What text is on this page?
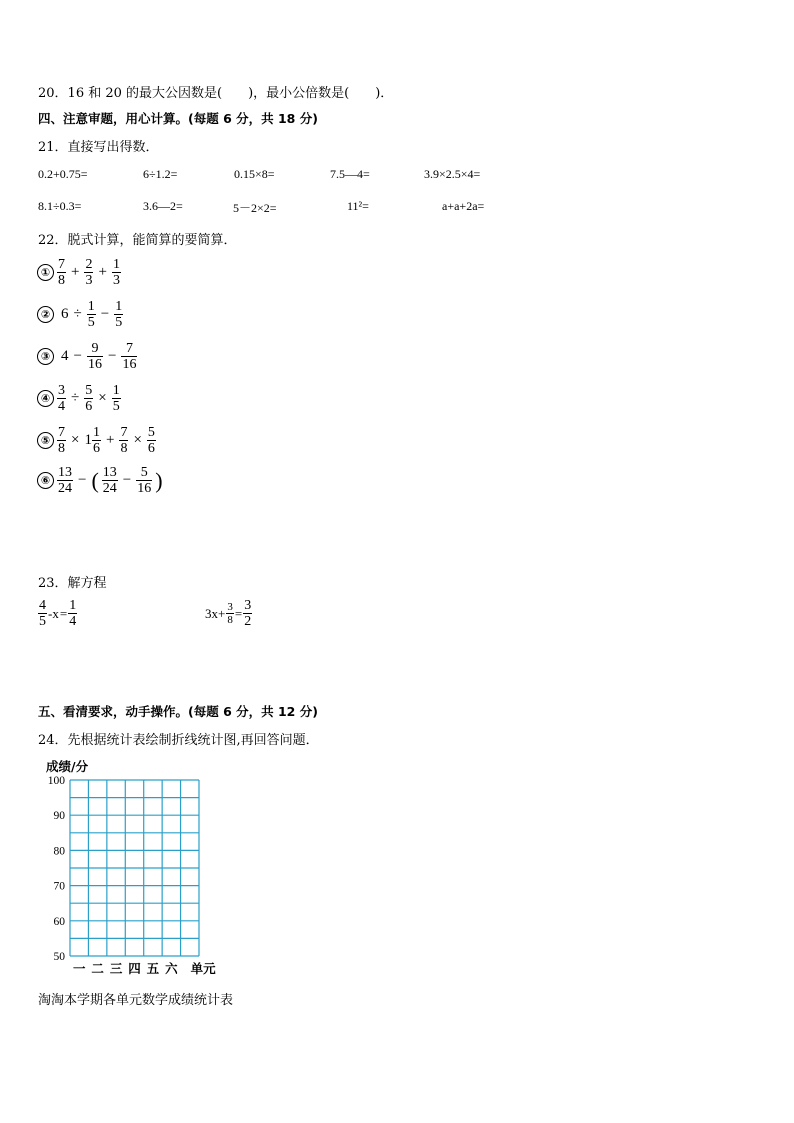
20．16 和 20 的最大公因数是(　　)，最小公倍数是(　　)．
四、注意审题，用心计算。(每题 6 分，共 18 分)
21．直接写出得数．
0.2+0.75=	6÷1.2=	0.15×8=	7.5—4=	3.9×2.5×4=
8.1÷0.3=	3.6—2=	5－2×2=	11²=	a+a+2a=
22．脱式计算，能简算的要简算．
① $\frac{7}{8} + \frac{2}{3} + \frac{1}{3}$
② $6 \div \frac{1}{5} - \frac{1}{5}$
③ $4 - \frac{9}{16} - \frac{7}{16}$
④ $\frac{3}{4} \div \frac{5}{6} \times \frac{1}{5}$
⑤ $\frac{7}{8} \times 1 \frac{1}{6} + \frac{7}{8} \times \frac{5}{6}$
⑥ $\frac{13}{24}$ − ( $\frac{13}{24} - \frac{5}{16}$ )
23．解方程
$\frac{4}{5} -x = \frac{1}{4}$	$3x+ \frac{3}{8} = \frac{3}{2}$
五、看清要求，动手操作。(每题 6 分，共 12 分)
24．先根据统计表绘制折线统计图,再回答问题．
成绩/分
100
90
80
70
60
50
一 二 三 四 五 六 单元
淘淘本学期各单元数学成绩统计表
